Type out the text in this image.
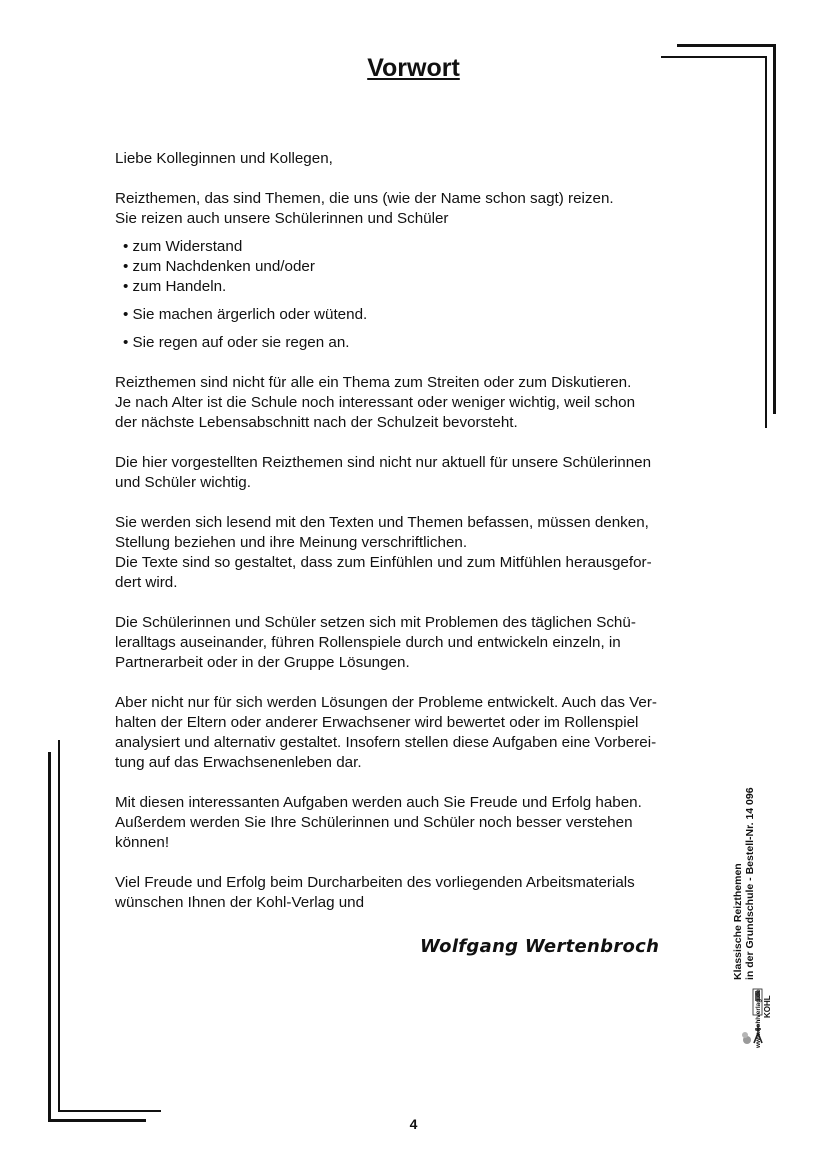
Vorwort

Liebe Kolleginnen und Kollegen,

Reizthemen, das sind Themen, die uns (wie der Name schon sagt) reizen.

Sie reizen auch unsere Schülerinnen und Schüler

• zum Widerstand

• zum Nachdenken und/oder

• zum Handeln.

• Sie machen ärgerlich oder wütend.

• Sie regen auf oder sie regen an.

Reizthemen sind nicht für alle ein Thema zum Streiten oder zum Diskutieren.

Je nach Alter ist die Schule noch interessant oder weniger wichtig, weil schon

der nächste Lebensabschnitt nach der Schulzeit bevorsteht.

Die hier vorgestellten Reizthemen sind nicht nur aktuell für unsere Schülerinnen

und Schüler wichtig.

Sie werden sich lesend mit den Texten und Themen befassen, müssen denken,

Stellung beziehen und ihre Meinung verschriftlichen.

Die Texte sind so gestaltet, dass zum Einfühlen und zum Mitfühlen herausgefor-

dert wird.

Die Schülerinnen und Schüler setzen sich mit Problemen des täglichen Schü-

leralltags auseinander, führen Rollenspiele durch und entwickeln einzeln, in

Partnerarbeit oder in der Gruppe Lösungen.

Aber nicht nur für sich werden Lösungen der Probleme entwickelt. Auch das Ver-

halten der Eltern oder anderer Erwachsener wird bewertet oder im Rollenspiel

analysiert und alternativ gestaltet. Insofern stellen diese Aufgaben eine Vorberei-

tung auf das Erwachsenenleben dar.

Mit diesen interessanten Aufgaben werden auch Sie Freude und Erfolg haben.

Außerdem werden Sie Ihre Schülerinnen und Schüler noch besser verstehen

können!

Viel Freude und Erfolg beim Durcharbeiten des vorliegenden Arbeitsmaterials

wünschen Ihnen der Kohl-Verlag und

Wolfgang Wertenbroch

4

Klassische Reizthemen in der Grundschule - Bestell-Nr. 14 096

KOHL
www.kohlverlag.de
